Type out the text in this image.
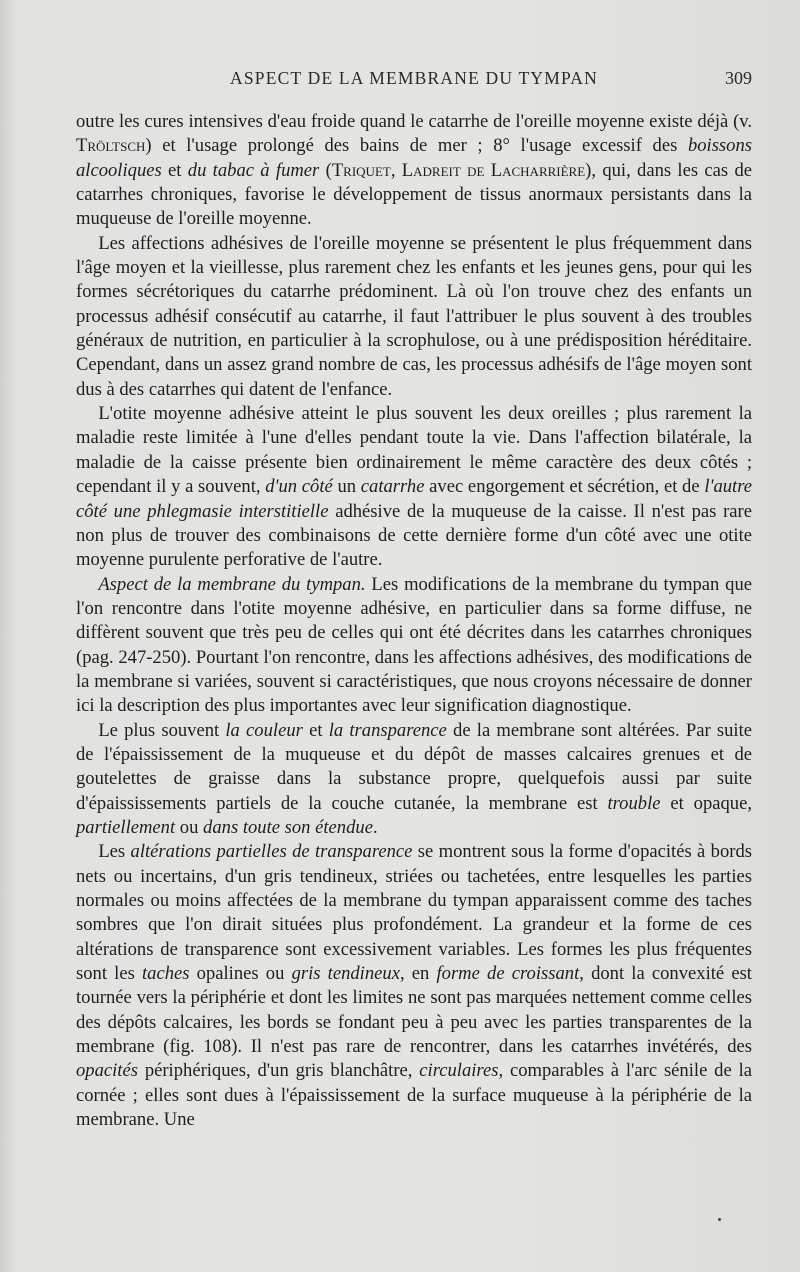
ASPECT DE LA MEMBRANE DU TYMPAN	309

outre les cures intensives d'eau froide quand le catarrhe de l'oreille moyenne existe déjà (v. Tröltsch) et l'usage prolongé des bains de mer ; 8° l'usage excessif des boissons alcooliques et du tabac à fumer (Triquet, Ladreit de Lacharrière), qui, dans les cas de catarrhes chroniques, favorise le développement de tissus anormaux persistants dans la muqueuse de l'oreille moyenne.

Les affections adhésives de l'oreille moyenne se présentent le plus fréquemment dans l'âge moyen et la vieillesse, plus rarement chez les enfants et les jeunes gens, pour qui les formes sécrétoriques du catarrhe prédominent. Là où l'on trouve chez des enfants un processus adhésif consécutif au catarrhe, il faut l'attribuer le plus souvent à des troubles généraux de nutrition, en particulier à la scrophulose, ou à une prédisposition héréditaire. Cependant, dans un assez grand nombre de cas, les processus adhésifs de l'âge moyen sont dus à des catarrhes qui datent de l'enfance.

L'otite moyenne adhésive atteint le plus souvent les deux oreilles ; plus rarement la maladie reste limitée à l'une d'elles pendant toute la vie. Dans l'affection bilatérale, la maladie de la caisse présente bien ordinairement le même caractère des deux côtés ; cependant il y a souvent, d'un côté un catarrhe avec engorgement et sécrétion, et de l'autre côté une phlegmasie interstitielle adhésive de la muqueuse de la caisse. Il n'est pas rare non plus de trouver des combinaisons de cette dernière forme d'un côté avec une otite moyenne purulente perforative de l'autre.

Aspect de la membrane du tympan. Les modifications de la membrane du tympan que l'on rencontre dans l'otite moyenne adhésive, en particulier dans sa forme diffuse, ne diffèrent souvent que très peu de celles qui ont été décrites dans les catarrhes chroniques (pag. 247-250). Pourtant l'on rencontre, dans les affections adhésives, des modifications de la membrane si variées, souvent si caractéristiques, que nous croyons nécessaire de donner ici la description des plus importantes avec leur signification diagnostique.

Le plus souvent la couleur et la transparence de la membrane sont altérées. Par suite de l'épaississement de la muqueuse et du dépôt de masses calcaires grenues et de goutelettes de graisse dans la substance propre, quelquefois aussi par suite d'épaississements partiels de la couche cutanée, la membrane est trouble et opaque, partiellement ou dans toute son étendue.

Les altérations partielles de transparence se montrent sous la forme d'opacités à bords nets ou incertains, d'un gris tendineux, striées ou tachetées, entre lesquelles les parties normales ou moins affectées de la membrane du tympan apparaissent comme des taches sombres que l'on dirait situées plus profondément. La grandeur et la forme de ces altérations de transparence sont excessivement variables. Les formes les plus fréquentes sont les taches opalines ou gris tendineux, en forme de croissant, dont la convexité est tournée vers la périphérie et dont les limites ne sont pas marquées nettement comme celles des dépôts calcaires, les bords se fondant peu à peu avec les parties transparentes de la membrane (fig. 108). Il n'est pas rare de rencontrer, dans les catarrhes invétérés, des opacités périphériques, d'un gris blanchâtre, circulaires, comparables à l'arc sénile de la cornée ; elles sont dues à l'épaississement de la surface muqueuse à la périphérie de la membrane. Une
